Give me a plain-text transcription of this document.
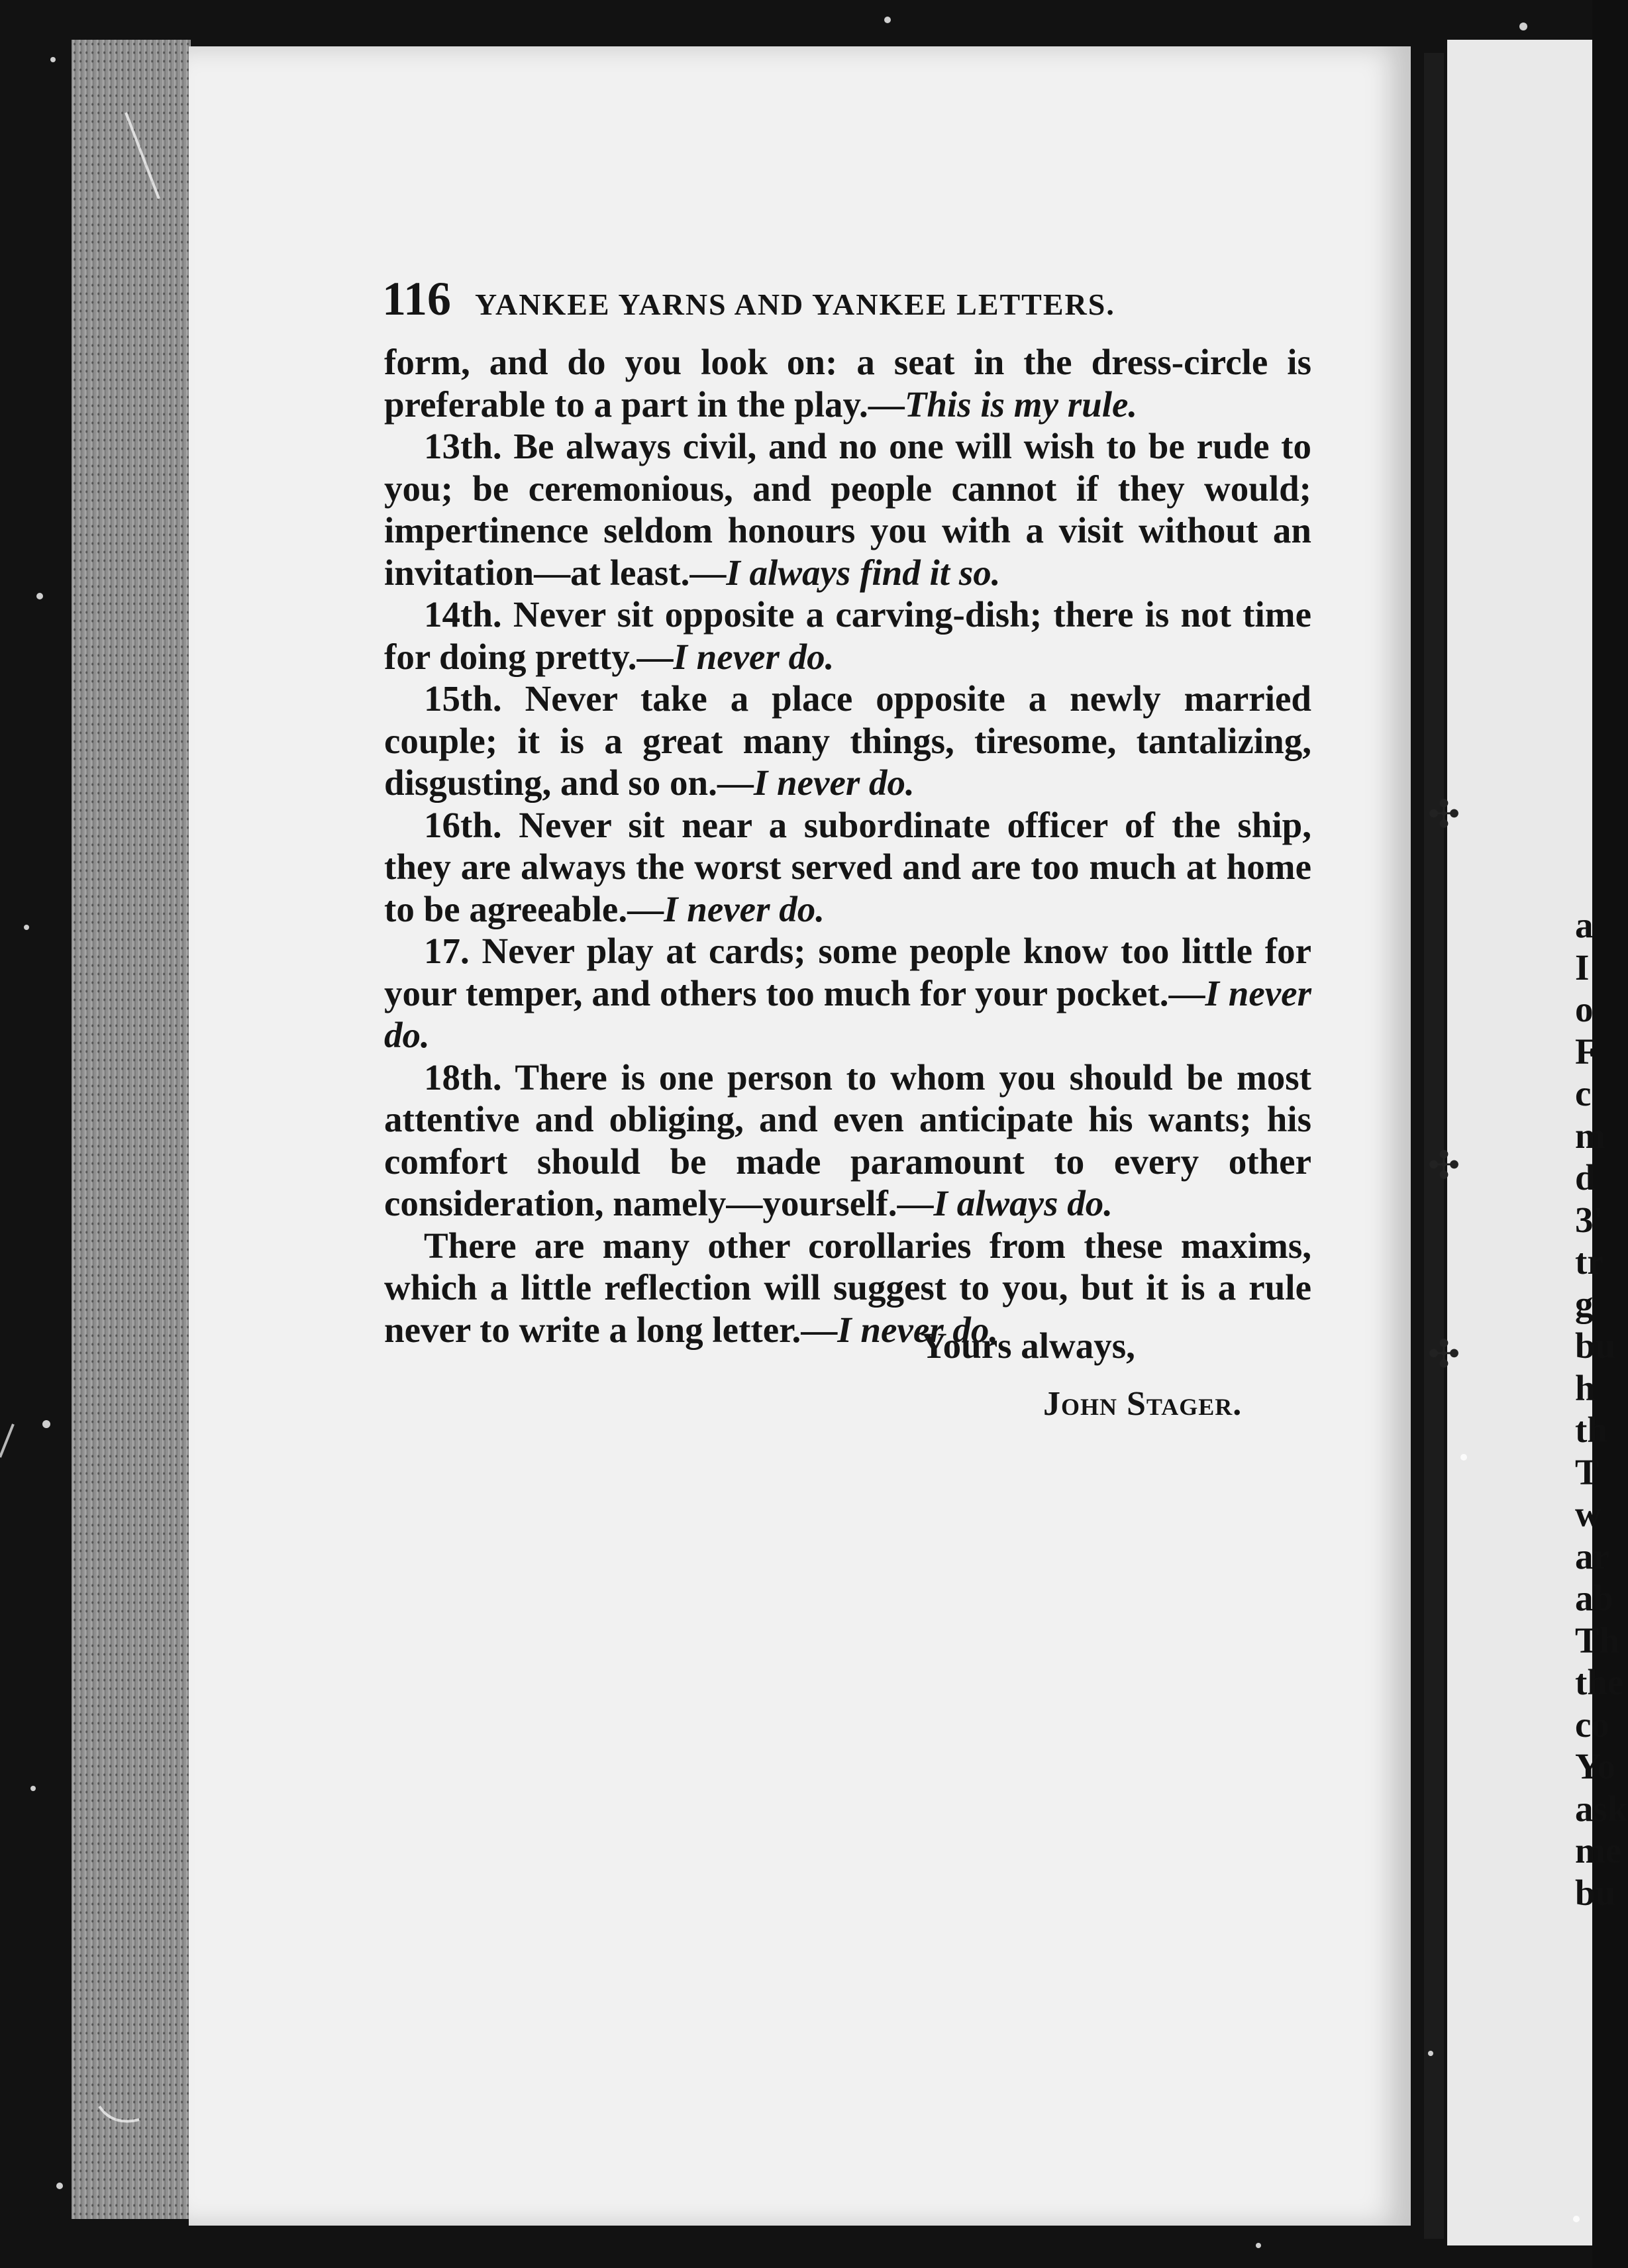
116 YANKEE YARNS AND YANKEE LETTERS.

form, and do you look on: a seat in the dress-circle is preferable to a part in the play.—This is my rule.

13th. Be always civil, and no one will wish to be rude to you; be ceremonious, and people cannot if they would; impertinence seldom honours you with a visit without an invitation—at least.—I always find it so.

14th. Never sit opposite a carving-dish; there is not time for doing pretty.—I never do.

15th. Never take a place opposite a newly married couple; it is a great many things, tiresome, tantalizing, disgusting, and so on.—I never do.

16th. Never sit near a subordinate officer of the ship, they are always the worst served and are too much at home to be agreeable.—I never do.

17. Never play at cards; some people know too little for your temper, and others too much for your pocket.—I never do.

18th. There is one person to whom you should be most attentive and obliging, and even anticipate his wants; his comfort should be made paramount to every other consideration, namely—yourself.—I always do.

There are many other corollaries from these maxims, which a little reflection will suggest to you, but it is a rule never to write a long letter.—I never do.

Yours always,
John Stager.
✣
✣
✣
a
I
o
F
c
m
d
3'
tr
g
bu
h
th
T
w
ar
ab
Th
the
co
Yo
ask
me
bu
